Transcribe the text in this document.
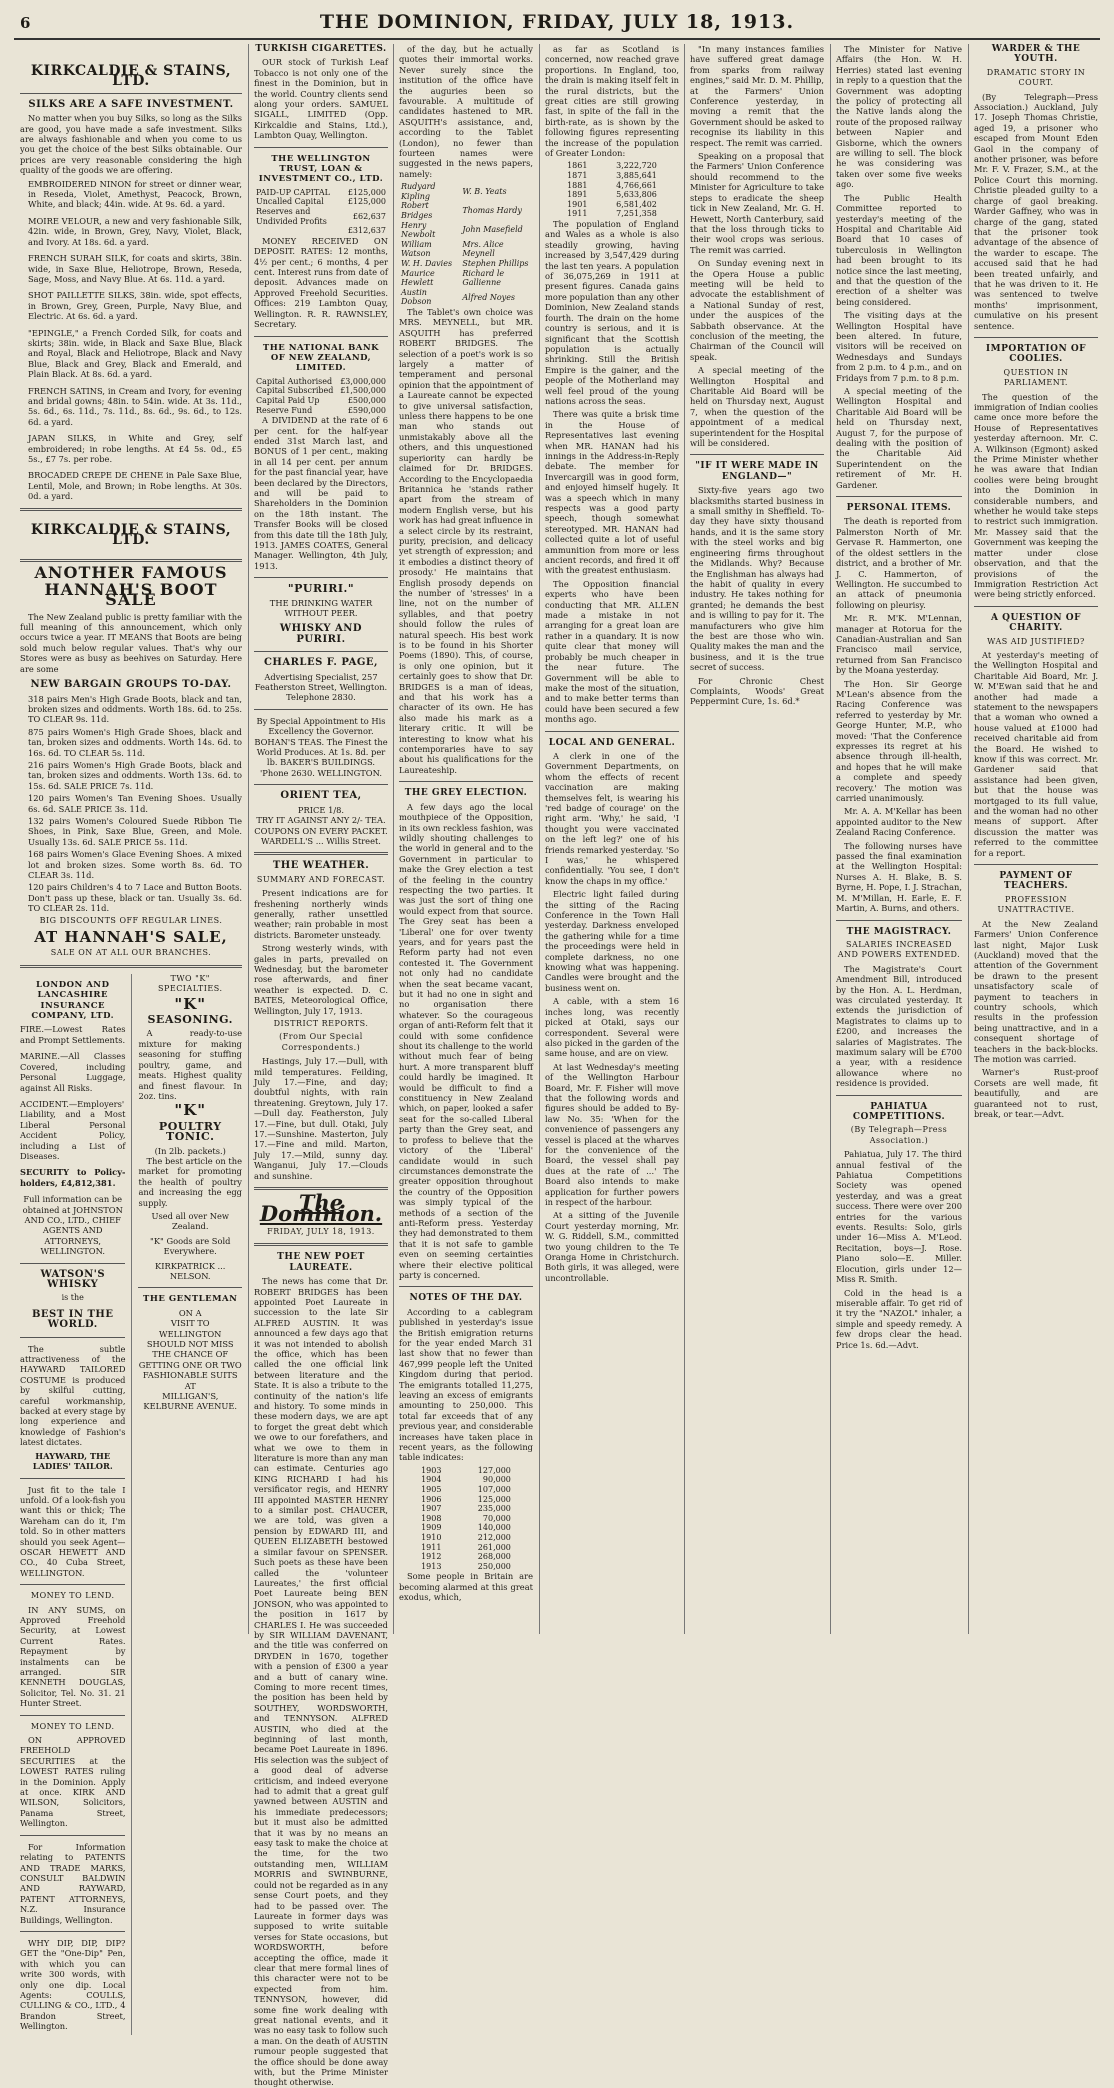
6	THE DOMINION, FRIDAY, JULY 18, 1913.
KIRKCALDIE & STAINS, LTD.
SILKS ARE A SAFE INVESTMENT.

No matter when you buy Silks, so long as the Silks are good, you have made a safe investment. Silks are always fashionable and when you come to us you get the choice of the best Silks obtainable. Our prices are very reasonable considering the high quality of the goods we are offering.

EMBROIDERED NINON for street or dinner wear, in Reseda, Violet, Amethyst, Peacock, Brown, White, and black; 44in. wide. At 9s. 6d. a yard.

MOIRE VELOUR, a new and very fashionable Silk, 42in. wide, in Brown, Grey, Navy, Violet, Black, and Ivory. At 18s. 6d. a yard.

FRENCH SURAH SILK, for coats and skirts, 38in. wide, in Saxe Blue, Heliotrope, Brown, Reseda, Sage, Moss, and Navy Blue. At 6s. 11d. a yard.

SHOT PAILLETTE SILKS, 38in. wide, spot effects, in Brown, Grey, Green, Purple, Navy Blue, and Electric. At 6s. 6d. a yard.

"EPINGLE," a French Corded Silk, for coats and skirts; 38in. wide, in Black and Saxe Blue, Black and Royal, Black and Heliotrope, Black and Navy Blue, Black and Grey, Black and Emerald, and Plain Black. At 8s. 6d. a yard.

FRENCH SATINS, in Cream and Ivory, for evening and bridal gowns; 48in. to 54in. wide. At 3s. 11d., 5s. 6d., 6s. 11d., 7s. 11d., 8s. 6d., 9s. 6d., to 12s. 6d. a yard.

JAPAN SILKS, in White and Grey, self embroidered; in robe lengths. At £4 5s. 0d., £5 5s., £7 7s. per robe.

BROCADED CREPE DE CHENE in Pale Saxe Blue, Lentil, Mole, and Brown; in Robe lengths. At 30s. 0d. a yard.

KIRKCALDIE & STAINS, LTD.
ANOTHER FAMOUS
HANNAH'S BOOT SALE

The New Zealand public is pretty familiar with the full meaning of this announcement, which only occurs twice a year. IT MEANS that Boots are being sold much below regular values. That's why our Stores were as busy as beehives on Saturday. Here are some

NEW BARGAIN GROUPS TO-DAY.

318 pairs Men's High Grade Boots, black and tan, broken sizes and oddments. Worth 18s. 6d. to 25s. TO CLEAR 9s. 11d.

875 pairs Women's High Grade Shoes, black and tan, broken sizes and oddments. Worth 14s. 6d. to 16s. 6d. TO CLEAR 5s. 11d.

216 pairs Women's High Grade Boots, black and tan, broken sizes and oddments. Worth 13s. 6d. to 15s. 6d. SALE PRICE 7s. 11d.

120 pairs Women's Tan Evening Shoes. Usually 6s. 6d. SALE PRICE 3s. 11d.

132 pairs Women's Coloured Suede Ribbon Tie Shoes, in Pink, Saxe Blue, Green, and Mole. Usually 13s. 6d. SALE PRICE 5s. 11d.

168 pairs Women's Glace Evening Shoes. A mixed lot and broken sizes. Some worth 8s. 6d. TO CLEAR 3s. 11d.

120 pairs Children's 4 to 7 Lace and Button Boots. Don't pass up these, black or tan. Usually 3s. 6d. TO CLEAR 2s. 11d.

BIG DISCOUNTS OFF REGULAR LINES.
AT HANNAH'S SALE,
SALE ON AT ALL OUR BRANCHES.
LONDON AND LANCASHIRE INSURANCE COMPANY, LTD.

FIRE.—Lowest Rates and Prompt Settlements.

MARINE.—All Classes Covered, including Personal Luggage, against All Risks.

ACCIDENT.—Employers' Liability, and a Most Liberal Personal Accident Policy, including a List of Diseases.

SECURITY to Policy-holders, £4,812,381.

Full information can be obtained at JOHNSTON AND CO., LTD., CHIEF AGENTS AND ATTORNEYS, WELLINGTON.

WATSON'S WHISKY
is the
BEST IN THE WORLD.

The subtle attractiveness of the HAYWARD TAILORED COSTUME is produced by skilful cutting, careful workmanship, backed at every stage by long experience and knowledge of Fashion's latest dictates.

HAYWARD, THE LADIES' TAILOR.

Just fit to the tale I unfold. Of a look-fish you want this or thick; The Wareham can do it, I'm told. So in other matters should you seek Agent—OSCAR HEWETT AND CO., 40 Cuba Street, WELLINGTON.

MONEY TO LEND.

IN ANY SUMS, on Approved Freehold Security, at Lowest Current Rates. Repayment by instalments can be arranged. SIR KENNETH DOUGLAS, Solicitor, Tel. No. 31. 21 Hunter Street.

MONEY TO LEND.

ON APPROVED FREEHOLD SECURITIES at the LOWEST RATES ruling in the Dominion. Apply at once. KIRK AND WILSON, Solicitors, Panama Street, Wellington.

For Information relating to PATENTS AND TRADE MARKS, CONSULT BALDWIN AND RAYWARD, PATENT ATTORNEYS, N.Z. Insurance Buildings, Wellington.

WHY DIP, DIP, DIP? GET the "One-Dip" Pen, with which you can write 300 words, with only one dip. Local Agents: COULLS, CULLING & CO., LTD., 4 Brandon Street, Wellington.

TWO "K" SPECIALTIES.
"K"
SEASONING.

A ready-to-use mixture for making seasoning for stuffing poultry, game, and meats. Highest quality and finest flavour. In 2oz. tins.

"K"
POULTRY TONIC.
(In 2lb. packets.)

The best article on the market for promoting the health of poultry and increasing the egg supply.

Used all over New Zealand.
"K" Goods are Sold Everywhere.
KIRKPATRICK ... NELSON.
THE GENTLEMAN
ON A
VISIT TO WELLINGTON
SHOULD NOT MISS THE CHANCE OF
GETTING ONE OR TWO
FASHIONABLE SUITS
AT
MILLIGAN'S,
KELBURNE AVENUE.
TURKISH CIGARETTES.

OUR stock of Turkish Leaf Tobacco is not only one of the finest in the Dominion, but in the world. Country clients send along your orders. SAMUEL SIGALL, LIMITED (Opp. Kirkcaldie and Stains, Ltd.), Lambton Quay, Wellington.

THE WELLINGTON TRUST, LOAN & INVESTMENT CO., LTD.
PAID-UP CAPITAL	£125,000
Uncalled Capital	£125,000
Reserves and Undivided Profits	£62,637
	£312,637

MONEY RECEIVED ON DEPOSIT. RATES: 12 months, 4½ per cent.; 6 months, 4 per cent. Interest runs from date of deposit. Advances made on Approved Freehold Securities. Offices: 219 Lambton Quay, Wellington. R. R. RAWNSLEY, Secretary.

THE NATIONAL BANK OF NEW ZEALAND, LIMITED.
Capital Authorised	£3,000,000
Capital Subscribed	£1,500,000
Capital Paid Up	£500,000
Reserve Fund	£590,000

A DIVIDEND at the rate of 6 per cent. for the half-year ended 31st March last, and BONUS of 1 per cent., making in all 14 per cent. per annum for the past financial year, have been declared by the Directors, and will be paid to Shareholders in the Dominion on the 18th instant. The Transfer Books will be closed from this date till the 18th July, 1913. JAMES COATES, General Manager. Wellington, 4th July, 1913.

"PURIRI."
THE DRINKING WATER WITHOUT PEER.
WHISKY AND PURIRI.
CHARLES F. PAGE,

Advertising Specialist, 257 Featherston Street, Wellington. Telephone 2830.

By Special Appointment to His Excellency the Governor. BOHAN'S TEAS. The Finest the World Produces. At 1s. 8d. per lb. BAKER'S BUILDINGS. 'Phone 2630. WELLINGTON.

ORIENT TEA,
PRICE 1/8.
TRY IT AGAINST ANY 2/- TEA.
COUPONS ON EVERY PACKET.
WARDELL'S ... Willis Street.
THE WEATHER.
SUMMARY AND FORECAST.

Present indications are for freshening northerly winds generally, rather unsettled weather; rain probable in most districts. Barometer unsteady.

Strong westerly winds, with gales in parts, prevailed on Wednesday, but the barometer rose afterwards, and finer weather is expected. D. C. BATES, Meteorological Office, Wellington, July 17, 1913.

DISTRICT REPORTS.
(From Our Special Correspondents.)

Hastings, July 17.—Dull, with mild temperatures. Feilding, July 17.—Fine, and day; doubtful nights, with rain threatening. Greytown, July 17.—Dull day. Featherston, July 17.—Fine, but dull. Otaki, July 17.—Sunshine. Masterton, July 17.—Fine and mild. Marton, July 17.—Mild, sunny day. Wanganui, July 17.—Clouds and sunshine.

The Dominion.
FRIDAY, JULY 18, 1913.
THE NEW POET LAUREATE.

The news has come that Dr. ROBERT BRIDGES has been appointed Poet Laureate in succession to the late Sir ALFRED AUSTIN. It was announced a few days ago that it was not intended to abolish the office, which has been called the one official link between literature and the State. It is also a tribute to the continuity of the nation's life and history. To some minds in these modern days, we are apt to forget the great debt which we owe to our forefathers, and what we owe to them in literature is more than any man can estimate. Centuries ago KING RICHARD I had his versificator regis, and HENRY III appointed MASTER HENRY to a similar post. CHAUCER, we are told, was given a pension by EDWARD III, and QUEEN ELIZABETH bestowed a similar favour on SPENSER. Such poets as these have been called the 'volunteer Laureates,' the first official Poet Laureate being BEN JONSON, who was appointed to the position in 1617 by CHARLES I. He was succeeded by SIR WILLIAM DAVENANT, and the title was conferred on DRYDEN in 1670, together with a pension of £300 a year and a butt of canary wine. Coming to more recent times, the position has been held by SOUTHEY, WORDSWORTH, and TENNYSON. ALFRED AUSTIN, who died at the beginning of last month, became Poet Laureate in 1896. His selection was the subject of a good deal of adverse criticism, and indeed everyone had to admit that a great gulf yawned between AUSTIN and his immediate predecessors; but it must also be admitted that it was by no means an easy task to make the choice at the time, for the two outstanding men, WILLIAM MORRIS and SWINBURNE, could not be regarded as in any sense Court poets, and they had to be passed over. The Laureate in former days was supposed to write suitable verses for State occasions, but WORDSWORTH, before accepting the office, made it clear that mere formal lines of this character were not to be expected from him. TENNYSON, however, did some fine work dealing with great national events, and it was no easy task to follow such a man. On the death of AUSTIN rumour people suggested that the office should be done away with, but the Prime Minister thought otherwise.

of the day, but he actually quotes their immortal works. Never surely since the institution of the office have the auguries been so favourable. A multitude of candidates hastened to MR. ASQUITH's assistance, and, according to the Tablet (London), no fewer than fourteen names were suggested in the news papers, namely:

Rudyard Kipling	W. B. Yeats
Robert Bridges	Thomas Hardy
Henry Newbolt	John Masefield
William Watson	Mrs. Alice Meynell
W. H. Davies	Stephen Phillips
Maurice Hewlett	Richard le Gallienne
Austin Dobson	Alfred Noyes

The Tablet's own choice was MRS. MEYNELL, but MR. ASQUITH has preferred ROBERT BRIDGES. The selection of a poet's work is so largely a matter of temperament and personal opinion that the appointment of a Laureate cannot be expected to give universal satisfaction, unless there happens to be one man who stands out unmistakably above all the others, and this unquestioned superiority can hardly be claimed for Dr. BRIDGES. According to the Encyclopaedia Britannica he 'stands rather apart from the stream of modern English verse, but his work has had great influence in a select circle by its restraint, purity, precision, and delicacy yet strength of expression; and it embodies a distinct theory of prosody.' He maintains that English prosody depends on the number of 'stresses' in a line, not on the number of syllables, and that poetry should follow the rules of natural speech. His best work is to be found in his Shorter Poems (1890). This, of course, is only one opinion, but it certainly goes to show that Dr. BRIDGES is a man of ideas, and that his work has a character of its own. He has also made his mark as a literary critic. It will be interesting to know what his contemporaries have to say about his qualifications for the Laureateship.

THE GREY ELECTION.

A few days ago the local mouthpiece of the Opposition, in its own reckless fashion, was wildly shouting challenges to the world in general and to the Government in particular to make the Grey election a test of the feeling in the country respecting the two parties. It was just the sort of thing one would expect from that source. The Grey seat has been a 'Liberal' one for over twenty years, and for years past the Reform party had not even contested it. The Government not only had no candidate when the seat became vacant, but it had no one in sight and no organisation there whatever. So the courageous organ of anti-Reform felt that it could with some confidence shout its challenge to the world without much fear of being hurt. A more transparent bluff could hardly be imagined. It would be difficult to find a constituency in New Zealand which, on paper, looked a safer seat for the so-called Liberal party than the Grey seat, and to profess to believe that the victory of the 'Liberal' candidate would in such circumstances demonstrate the greater opposition throughout the country of the Opposition was simply typical of the methods of a section of the anti-Reform press. Yesterday they had demonstrated to them that it is not safe to gamble even on seeming certainties where their elective political party is concerned.

NOTES OF THE DAY.

According to a cablegram published in yesterday's issue the British emigration returns for the year ended March 31 last show that no fewer than 467,999 people left the United Kingdom during that period. The emigrants totalled 11,275, leaving an excess of emigrants amounting to 250,000. This total far exceeds that of any previous year, and considerable increases have taken place in recent years, as the following table indicates:

1903	127,000
1904	90,000
1905	107,000
1906	125,000
1907	235,000
1908	70,000
1909	140,000
1910	212,000
1911	261,000
1912	268,000
1913	250,000

Some people in Britain are becoming alarmed at this great exodus, which,

as far as Scotland is concerned, now reached grave proportions. In England, too, the drain is making itself felt in the rural districts, but the great cities are still growing fast, in spite of the fall in the birth-rate, as is shown by the following figures representing the increase of the population of Greater London:

1861	3,222,720
1871	3,885,641
1881	4,766,661
1891	5,633,806
1901	6,581,402
1911	7,251,358

The population of England and Wales as a whole is also steadily growing, having increased by 3,547,429 during the last ten years. A population of 36,075,269 in 1911 at present figures. Canada gains more population than any other Dominion, New Zealand stands fourth. The drain on the home country is serious, and it is significant that the Scottish population is actually shrinking. Still the British Empire is the gainer, and the people of the Motherland may well feel proud of the young nations across the seas.

There was quite a brisk time in the House of Representatives last evening when MR. HANAN had his innings in the Address-in-Reply debate. The member for Invercargill was in good form, and enjoyed himself hugely. It was a speech which in many respects was a good party speech, though somewhat stereotyped. MR. HANAN had collected quite a lot of useful ammunition from more or less ancient records, and fired it off with the greatest enthusiasm.

The Opposition financial experts who have been conducting that MR. ALLEN made a mistake in not arranging for a great loan are rather in a quandary. It is now quite clear that money will probably be much cheaper in the near future. The Government will be able to make the most of the situation, and to make better terms than could have been secured a few months ago.

LOCAL AND GENERAL.

A clerk in one of the Government Departments, on whom the effects of recent vaccination are making themselves felt, is wearing his 'red badge of courage' on the right arm. 'Why,' he said, 'I thought you were vaccinated on the left leg?' one of his friends remarked yesterday. 'So I was,' he whispered confidentially. 'You see, I don't know the chaps in my office.'

Electric light failed during the sitting of the Racing Conference in the Town Hall yesterday. Darkness enveloped the gathering while for a time the proceedings were held in complete darkness, no one knowing what was happening. Candles were brought and the business went on.

A cable, with a stem 16 inches long, was recently picked at Otaki, says our correspondent. Several were also picked in the garden of the same house, and are on view.

At last Wednesday's meeting of the Wellington Harbour Board, Mr. F. Fisher will move that the following words and figures should be added to By-law No. 35: 'When for the convenience of passengers any vessel is placed at the wharves for the convenience of the Board, the vessel shall pay dues at the rate of ...' The Board also intends to make application for further powers in respect of the harbour.

At a sitting of the Juvenile Court yesterday morning, Mr. W. G. Riddell, S.M., committed two young children to the Te Oranga Home in Christchurch. Both girls, it was alleged, were uncontrollable.

"In many instances families have suffered great damage from sparks from railway engines," said Mr. D. M. Phillip, at the Farmers' Union Conference yesterday, in moving a remit that the Government should be asked to recognise its liability in this respect. The remit was carried.

Speaking on a proposal that the Farmers' Union Conference should recommend to the Minister for Agriculture to take steps to eradicate the sheep tick in New Zealand, Mr. G. H. Hewett, North Canterbury, said that the loss through ticks to their wool crops was serious. The remit was carried.

On Sunday evening next in the Opera House a public meeting will be held to advocate the establishment of a National Sunday of rest, under the auspices of the Sabbath observance. At the conclusion of the meeting, the Chairman of the Council will speak.

A special meeting of the Wellington Hospital and Charitable Aid Board will be held on Thursday next, August 7, when the question of the appointment of a medical superintendent for the Hospital will be considered.

"IF IT WERE MADE IN ENGLAND—"

Sixty-five years ago two blacksmiths started business in a small smithy in Sheffield. To-day they have sixty thousand hands, and it is the same story with the steel works and big engineering firms throughout the Midlands. Why? Because the Englishman has always had the habit of quality in every industry. He takes nothing for granted; he demands the best and is willing to pay for it. The manufacturers who give him the best are those who win. Quality makes the man and the business, and it is the true secret of success.

For Chronic Chest Complaints, Woods' Great Peppermint Cure, 1s. 6d.*

The Minister for Native Affairs (the Hon. W. H. Herries) stated last evening in reply to a question that the Government was adopting the policy of protecting all the Native lands along the route of the proposed railway between Napier and Gisborne, which the owners are willing to sell. The block he was considering was taken over some five weeks ago.

The Public Health Committee reported to yesterday's meeting of the Hospital and Charitable Aid Board that 10 cases of tuberculosis in Wellington had been brought to its notice since the last meeting, and that the question of the erection of a shelter was being considered.

The visiting days at the Wellington Hospital have been altered. In future, visitors will be received on Wednesdays and Sundays from 2 p.m. to 4 p.m., and on Fridays from 7 p.m. to 8 p.m.

A special meeting of the Wellington Hospital and Charitable Aid Board will be held on Thursday next, August 7, for the purpose of dealing with the position of the Charitable Aid Superintendent on the retirement of Mr. H. Gardener.

PERSONAL ITEMS.

The death is reported from Palmerston North of Mr. Gervase R. Hammerton, one of the oldest settlers in the district, and a brother of Mr. J. C. Hammerton, of Wellington. He succumbed to an attack of pneumonia following on pleurisy.

Mr. R. M'K. M'Lennan, manager at Rotorua for the Canadian-Australian and San Francisco mail service, returned from San Francisco by the Moana yesterday.

The Hon. Sir George M'Lean's absence from the Racing Conference was referred to yesterday by Mr. George Hunter, M.P., who moved: 'That the Conference expresses its regret at his absence through ill-health, and hopes that he will make a complete and speedy recovery.' The motion was carried unanimously.

Mr. A. A. M'Kellar has been appointed auditor to the New Zealand Racing Conference.

The following nurses have passed the final examination at the Wellington Hospital: Nurses A. H. Blake, B. S. Byrne, H. Pope, I. J. Strachan, M. M'Millan, H. Earle, E. F. Martin, A. Burns, and others.

THE MAGISTRACY.
SALARIES INCREASED AND POWERS EXTENDED.

The Magistrate's Court Amendment Bill, introduced by the Hon. A. L. Herdman, was circulated yesterday. It extends the jurisdiction of Magistrates to claims up to £200, and increases the salaries of Magistrates. The maximum salary will be £700 a year, with a residence allowance where no residence is provided.

PAHIATUA COMPETITIONS.
(By Telegraph—Press Association.)

Pahiatua, July 17. The third annual festival of the Pahiatua Competitions Society was opened yesterday, and was a great success. There were over 200 entries for the various events. Results: Solo, girls under 16—Miss A. M'Leod. Recitation, boys—J. Rose. Piano solo—E. Miller. Elocution, girls under 12—Miss R. Smith.

Cold in the head is a miserable affair. To get rid of it try the "NAZOL" inhaler, a simple and speedy remedy. A few drops clear the head. Price 1s. 6d.—Advt.

WARDER & THE YOUTH.
DRAMATIC STORY IN COURT.

(By Telegraph—Press Association.) Auckland, July 17. Joseph Thomas Christie, aged 19, a prisoner who escaped from Mount Eden Gaol in the company of another prisoner, was before Mr. F. V. Frazer, S.M., at the Police Court this morning. Christie pleaded guilty to a charge of gaol breaking. Warder Gaffney, who was in charge of the gang, stated that the prisoner took advantage of the absence of the warder to escape. The accused said that he had been treated unfairly, and that he was driven to it. He was sentenced to twelve months' imprisonment, cumulative on his present sentence.

IMPORTATION OF COOLIES.
QUESTION IN PARLIAMENT.

The question of the immigration of Indian coolies came once more before the House of Representatives yesterday afternoon. Mr. C. A. Wilkinson (Egmont) asked the Prime Minister whether he was aware that Indian coolies were being brought into the Dominion in considerable numbers, and whether he would take steps to restrict such immigration. Mr. Massey said that the Government was keeping the matter under close observation, and that the provisions of the Immigration Restriction Act were being strictly enforced.

A QUESTION OF CHARITY.
WAS AID JUSTIFIED?

At yesterday's meeting of the Wellington Hospital and Charitable Aid Board, Mr. J. W. M'Ewan said that he and another had made a statement to the newspapers that a woman who owned a house valued at £1000 had received charitable aid from the Board. He wished to know if this was correct. Mr. Gardener said that assistance had been given, but that the house was mortgaged to its full value, and the woman had no other means of support. After discussion the matter was referred to the committee for a report.

PAYMENT OF TEACHERS.
PROFESSION UNATTRACTIVE.

At the New Zealand Farmers' Union Conference last night, Major Lusk (Auckland) moved that the attention of the Government be drawn to the present unsatisfactory scale of payment to teachers in country schools, which results in the profession being unattractive, and in a consequent shortage of teachers in the back-blocks. The motion was carried.

Warner's Rust-proof Corsets are well made, fit beautifully, and are guaranteed not to rust, break, or tear.—Advt.
